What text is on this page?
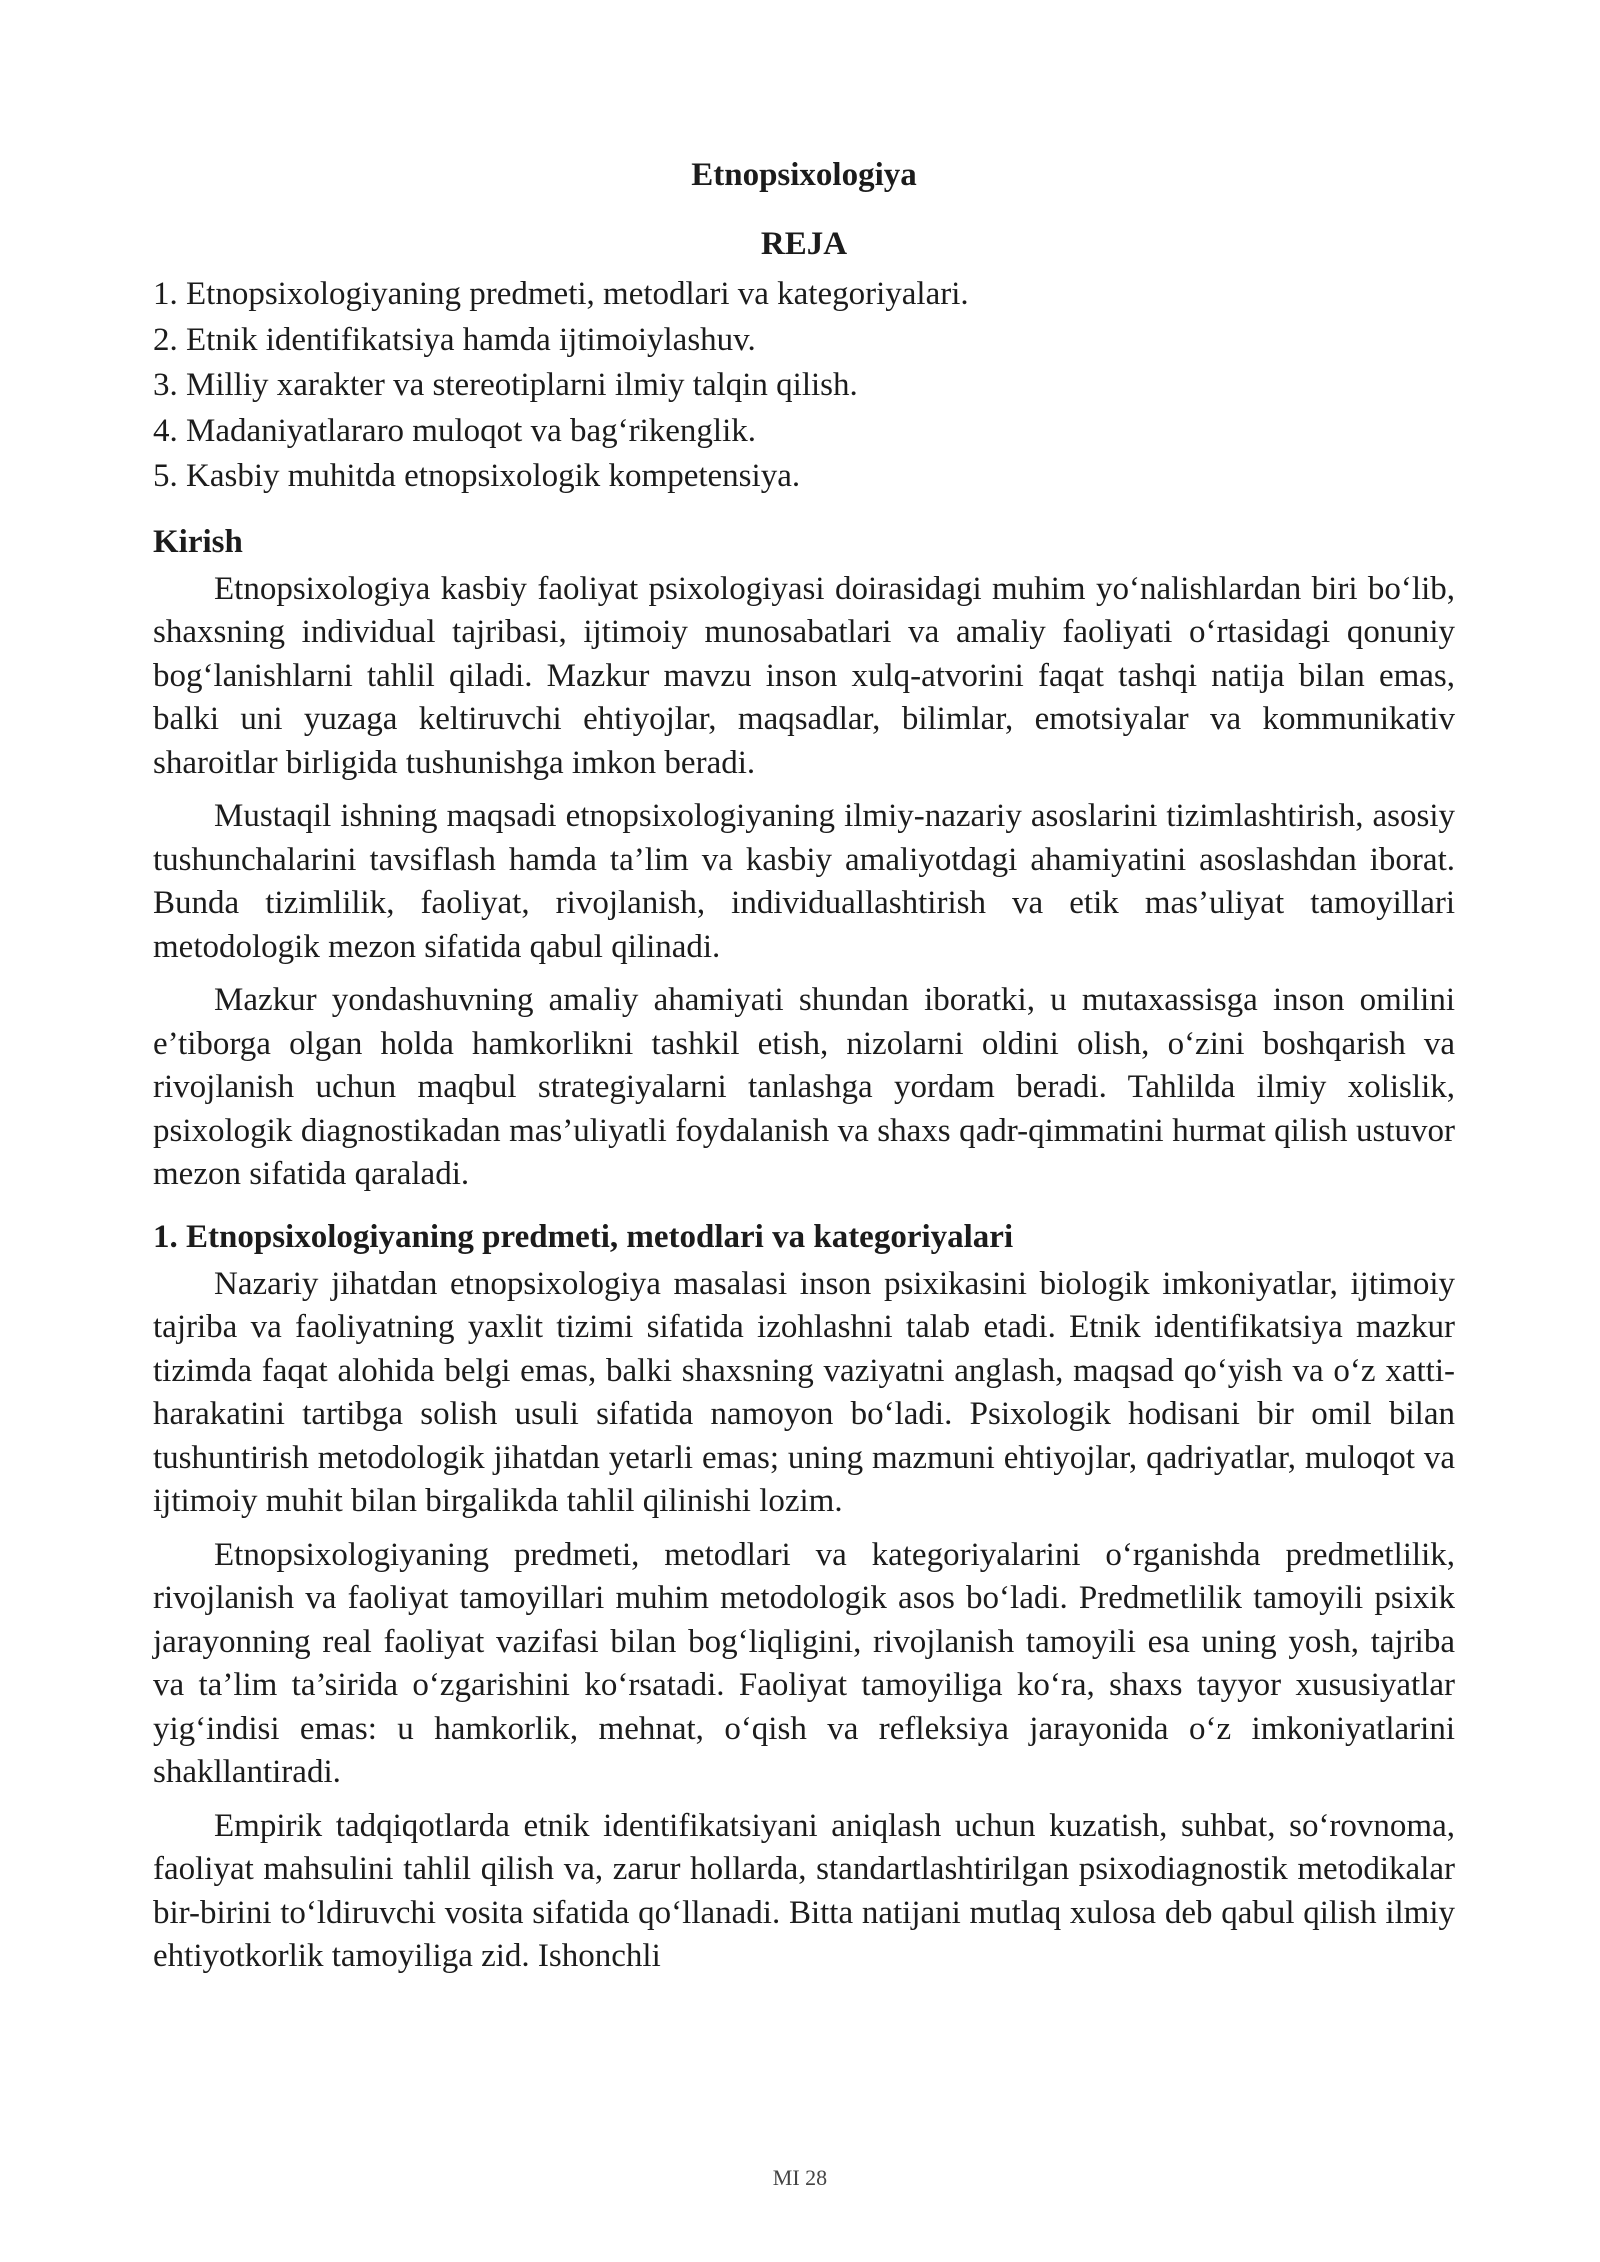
Etnopsixologiya
REJA
1. Etnopsixologiyaning predmeti, metodlari va kategoriyalari.
2. Etnik identifikatsiya hamda ijtimoiylashuv.
3. Milliy xarakter va stereotiplarni ilmiy talqin qilish.
4. Madaniyatlararo muloqot va bag‘rikenglik.
5. Kasbiy muhitda etnopsixologik kompetensiya.
Kirish

Etnopsixologiya kasbiy faoliyat psixologiyasi doirasidagi muhim yo‘nalishlardan biri bo‘lib, shaxsning individual tajribasi, ijtimoiy munosabatlari va amaliy faoliyati o‘rtasidagi qonuniy bog‘lanishlarni tahlil qiladi. Mazkur mavzu inson xulq-atvorini faqat tashqi natija bilan emas, balki uni yuzaga keltiruvchi ehtiyojlar, maqsadlar, bilimlar, emotsiyalar va kommunikativ sharoitlar birligida tushunishga imkon beradi.

Mustaqil ishning maqsadi etnopsixologiyaning ilmiy-nazariy asoslarini tizimlashtirish, asosiy tushunchalarini tavsiflash hamda ta’lim va kasbiy amaliyotdagi ahamiyatini asoslashdan iborat. Bunda tizimlilik, faoliyat, rivojlanish, individuallashtirish va etik mas’uliyat tamoyillari metodologik mezon sifatida qabul qilinadi.

Mazkur yondashuvning amaliy ahamiyati shundan iboratki, u mutaxassisga inson omilini e’tiborga olgan holda hamkorlikni tashkil etish, nizolarni oldini olish, o‘zini boshqarish va rivojlanish uchun maqbul strategiyalarni tanlashga yordam beradi. Tahlilda ilmiy xolislik, psixologik diagnostikadan mas’uliyatli foydalanish va shaxs qadr-qimmatini hurmat qilish ustuvor mezon sifatida qaraladi.

1. Etnopsixologiyaning predmeti, metodlari va kategoriyalari

Nazariy jihatdan etnopsixologiya masalasi inson psixikasini biologik imkoniyatlar, ijtimoiy tajriba va faoliyatning yaxlit tizimi sifatida izohlashni talab etadi. Etnik identifikatsiya mazkur tizimda faqat alohida belgi emas, balki shaxsning vaziyatni anglash, maqsad qo‘yish va o‘z xatti-harakatini tartibga solish usuli sifatida namoyon bo‘ladi. Psixologik hodisani bir omil bilan tushuntirish metodologik jihatdan yetarli emas; uning mazmuni ehtiyojlar, qadriyatlar, muloqot va ijtimoiy muhit bilan birgalikda tahlil qilinishi lozim.

Etnopsixologiyaning predmeti, metodlari va kategoriyalarini o‘rganishda predmetlilik, rivojlanish va faoliyat tamoyillari muhim metodologik asos bo‘ladi. Predmetlilik tamoyili psixik jarayonning real faoliyat vazifasi bilan bog‘liqligini, rivojlanish tamoyili esa uning yosh, tajriba va ta’lim ta’sirida o‘zgarishini ko‘rsatadi. Faoliyat tamoyiliga ko‘ra, shaxs tayyor xususiyatlar yig‘indisi emas: u hamkorlik, mehnat, o‘qish va refleksiya jarayonida o‘z imkoniyatlarini shakllantiradi.

Empirik tadqiqotlarda etnik identifikatsiyani aniqlash uchun kuzatish, suhbat, so‘rovnoma, faoliyat mahsulini tahlil qilish va, zarur hollarda, standartlashtirilgan psixodiagnostik metodikalar bir-birini to‘ldiruvchi vosita sifatida qo‘llanadi. Bitta natijani mutlaq xulosa deb qabul qilish ilmiy ehtiyotkorlik tamoyiliga zid. Ishonchli

MI 28
